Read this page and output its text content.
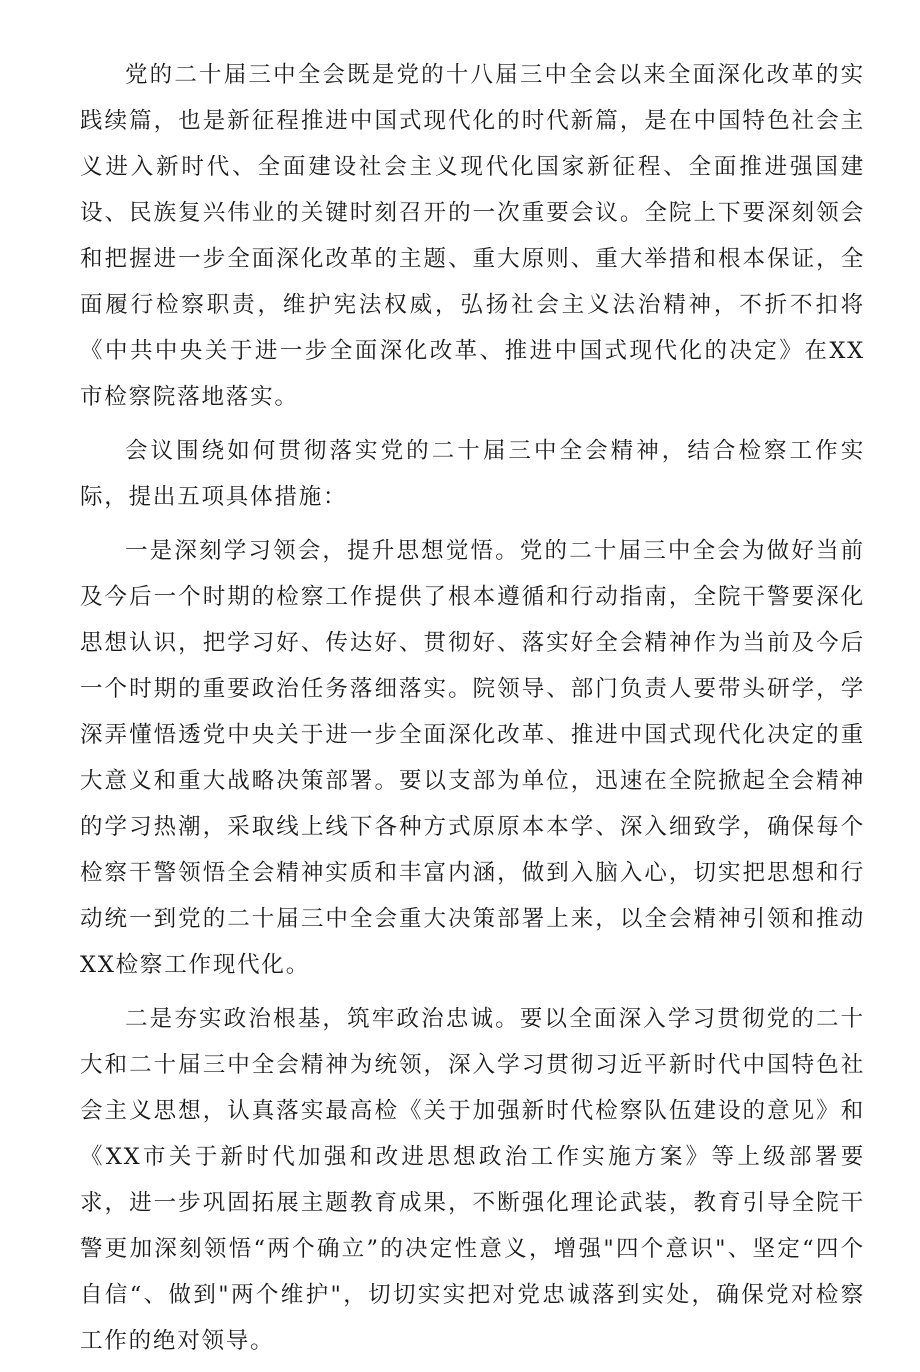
党的二十届三中全会既是党的十八届三中全会以来全面深化改革的实践续篇，也是新征程推进中国式现代化的时代新篇，是在中国特色社会主义进入新时代、全面建设社会主义现代化国家新征程、全面推进强国建设、民族复兴伟业的关键时刻召开的一次重要会议。全院上下要深刻领会和把握进一步全面深化改革的主题、重大原则、重大举措和根本保证，全面履行检察职责，维护宪法权威，弘扬社会主义法治精神，不折不扣将《中共中央关于进一步全面深化改革、推进中国式现代化的决定》在XX市检察院落地落实。

会议围绕如何贯彻落实党的二十届三中全会精神，结合检察工作实际，提出五项具体措施：

一是深刻学习领会，提升思想觉悟。党的二十届三中全会为做好当前及今后一个时期的检察工作提供了根本遵循和行动指南，全院干警要深化思想认识，把学习好、传达好、贯彻好、落实好全会精神作为当前及今后一个时期的重要政治任务落细落实。院领导、部门负责人要带头研学，学深弄懂悟透党中央关于进一步全面深化改革、推进中国式现代化决定的重大意义和重大战略决策部署。要以支部为单位，迅速在全院掀起全会精神的学习热潮，采取线上线下各种方式原原本本学、深入细致学，确保每个检察干警领悟全会精神实质和丰富内涵，做到入脑入心，切实把思想和行动统一到党的二十届三中全会重大决策部署上来，以全会精神引领和推动XX检察工作现代化。

二是夯实政治根基，筑牢政治忠诚。要以全面深入学习贯彻党的二十大和二十届三中全会精神为统领，深入学习贯彻习近平新时代中国特色社会主义思想，认真落实最高检《关于加强新时代检察队伍建设的意见》和《XX市关于新时代加强和改进思想政治工作实施方案》等上级部署要求，进一步巩固拓展主题教育成果，不断强化理论武装，教育引导全院干警更加深刻领悟“两个确立”的决定性意义，增强"四个意识"、坚定“四个自信“、做到"两个维护"，切切实实把对党忠诚落到实处，确保党对检察工作的绝对领导。
